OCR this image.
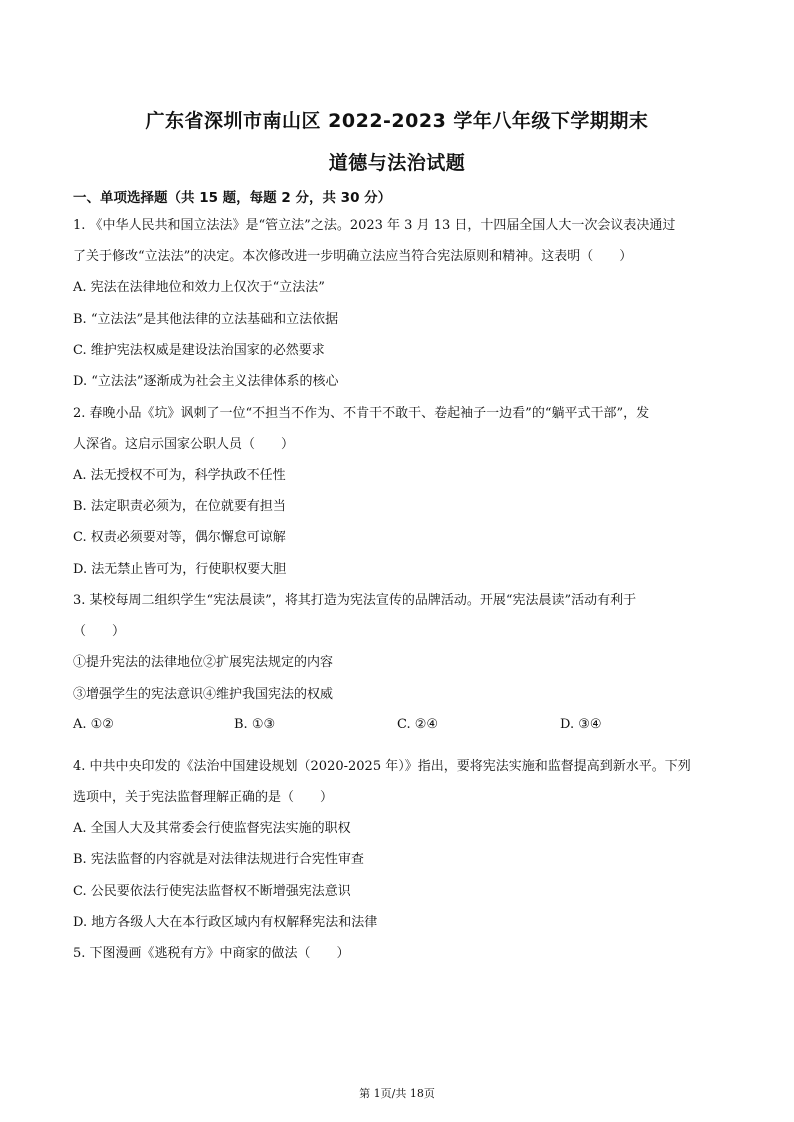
广东省深圳市南山区 2022-2023 学年八年级下学期期末
道德与法治试题
一、单项选择题（共 15 题，每题 2 分，共 30 分）

1. 《中华人民共和国立法法》是“管立法”之法。2023 年 3 月 13 日，十四届全国人大一次会议表决通过

了关于修改“立法法”的决定。本次修改进一步明确立法应当符合宪法原则和精神。这表明（　　）

A. 宪法在法律地位和效力上仅次于“立法法”

B. “立法法”是其他法律的立法基础和立法依据

C. 维护宪法权威是建设法治国家的必然要求

D. “立法法”逐渐成为社会主义法律体系的核心

2. 春晚小品《坑》讽刺了一位“不担当不作为、不肯干不敢干、卷起袖子一边看”的“躺平式干部”，发

人深省。这启示国家公职人员（　　）

A. 法无授权不可为，科学执政不任性

B. 法定职责必须为，在位就要有担当

C. 权责必须要对等，偶尔懈怠可谅解

D. 法无禁止皆可为，行使职权要大胆

3. 某校每周二组织学生“宪法晨读”，将其打造为宪法宣传的品牌活动。开展“宪法晨读”活动有利于

（　　）

①提升宪法的法律地位②扩展宪法规定的内容

③增强学生的宪法意识④维护我国宪法的权威

A. ①②	B. ①③	C. ②④	D. ③④

4. 中共中央印发的《法治中国建设规划（2020-2025 年）》指出，要将宪法实施和监督提高到新水平。下列

选项中，关于宪法监督理解正确的是（　　）

A. 全国人大及其常委会行使监督宪法实施的职权

B. 宪法监督的内容就是对法律法规进行合宪性审查

C. 公民要依法行使宪法监督权不断增强宪法意识

D. 地方各级人大在本行政区域内有权解释宪法和法律

5. 下图漫画《逃税有方》中商家的做法（　　）

第 1页/共 18页
